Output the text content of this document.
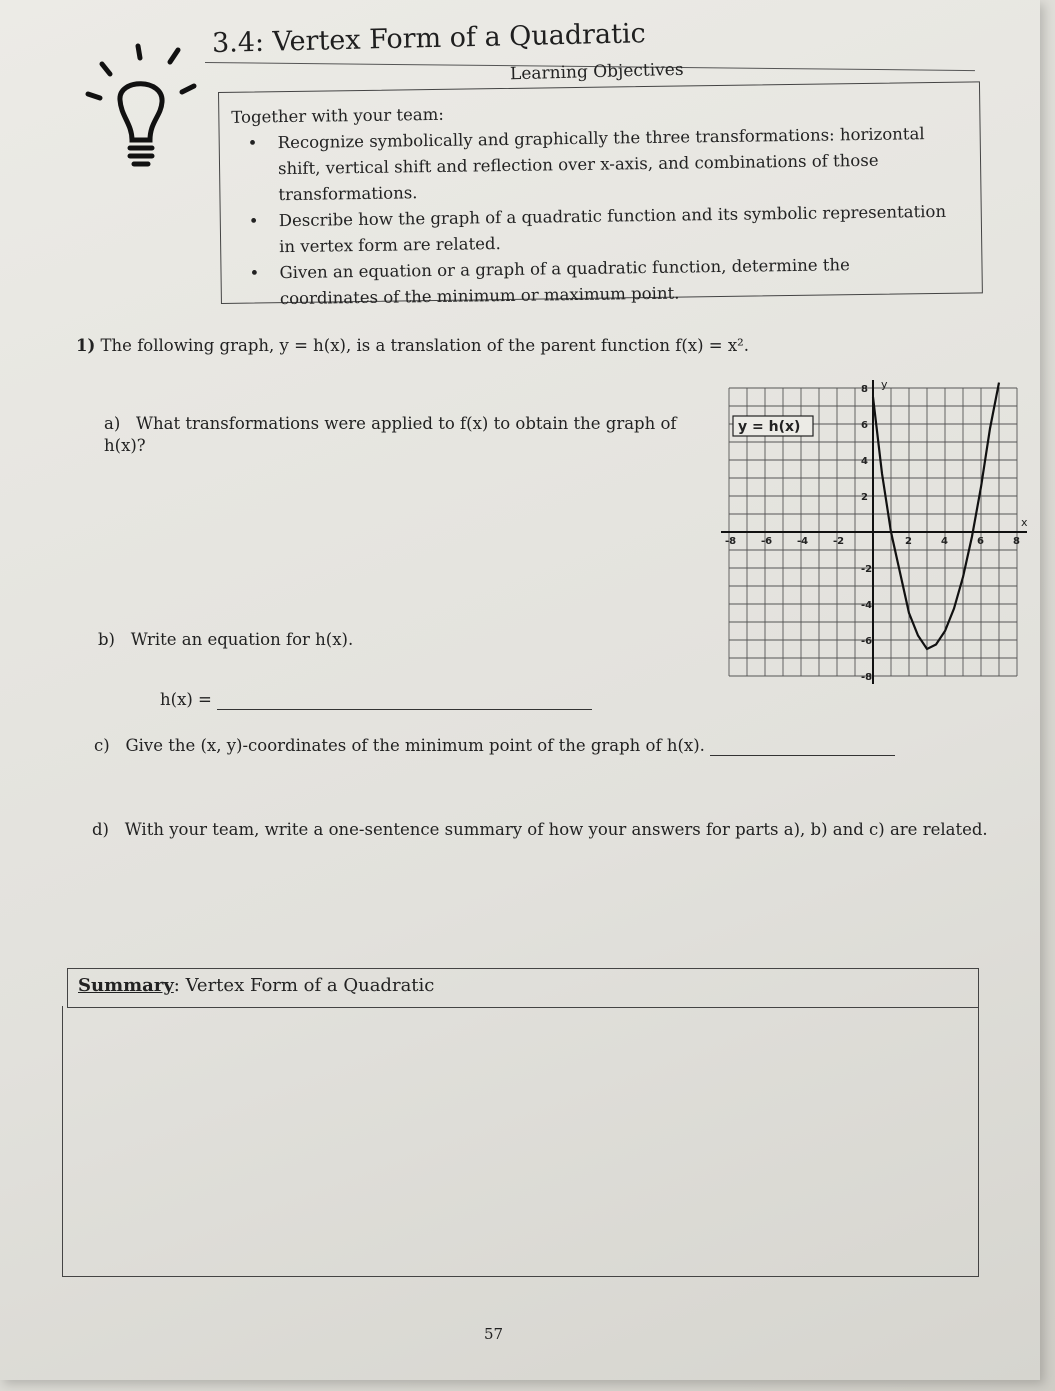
3.4: Vertex Form of a Quadratic
Learning Objectives
Together with your team:
• Recognize symbolically and graphically the three transformations: horizontal shift, vertical shift and reflection over x-axis, and combinations of those transformations.
• Describe how the graph of a quadratic function and its symbolic representation in vertex form are related.
• Given an equation or a graph of a quadratic function, determine the coordinates of the minimum or maximum point.
1) The following graph, y = h(x), is a translation of the parent function f(x) = x².
a) What transformations were applied to f(x) to obtain the graph of h(x)?
b) Write an equation for h(x).
h(x) =
c) Give the (x, y)-coordinates of the minimum point of the graph of h(x).
d) With your team, write a one-sentence summary of how your answers for parts a), b) and c) are related.
-8 -6 -4 -2	2	4	6	8
8
6
4
2
-2
-4
-6
-8
y = h(x)
x
y
Summary: Vertex Form of a Quadratic
57
